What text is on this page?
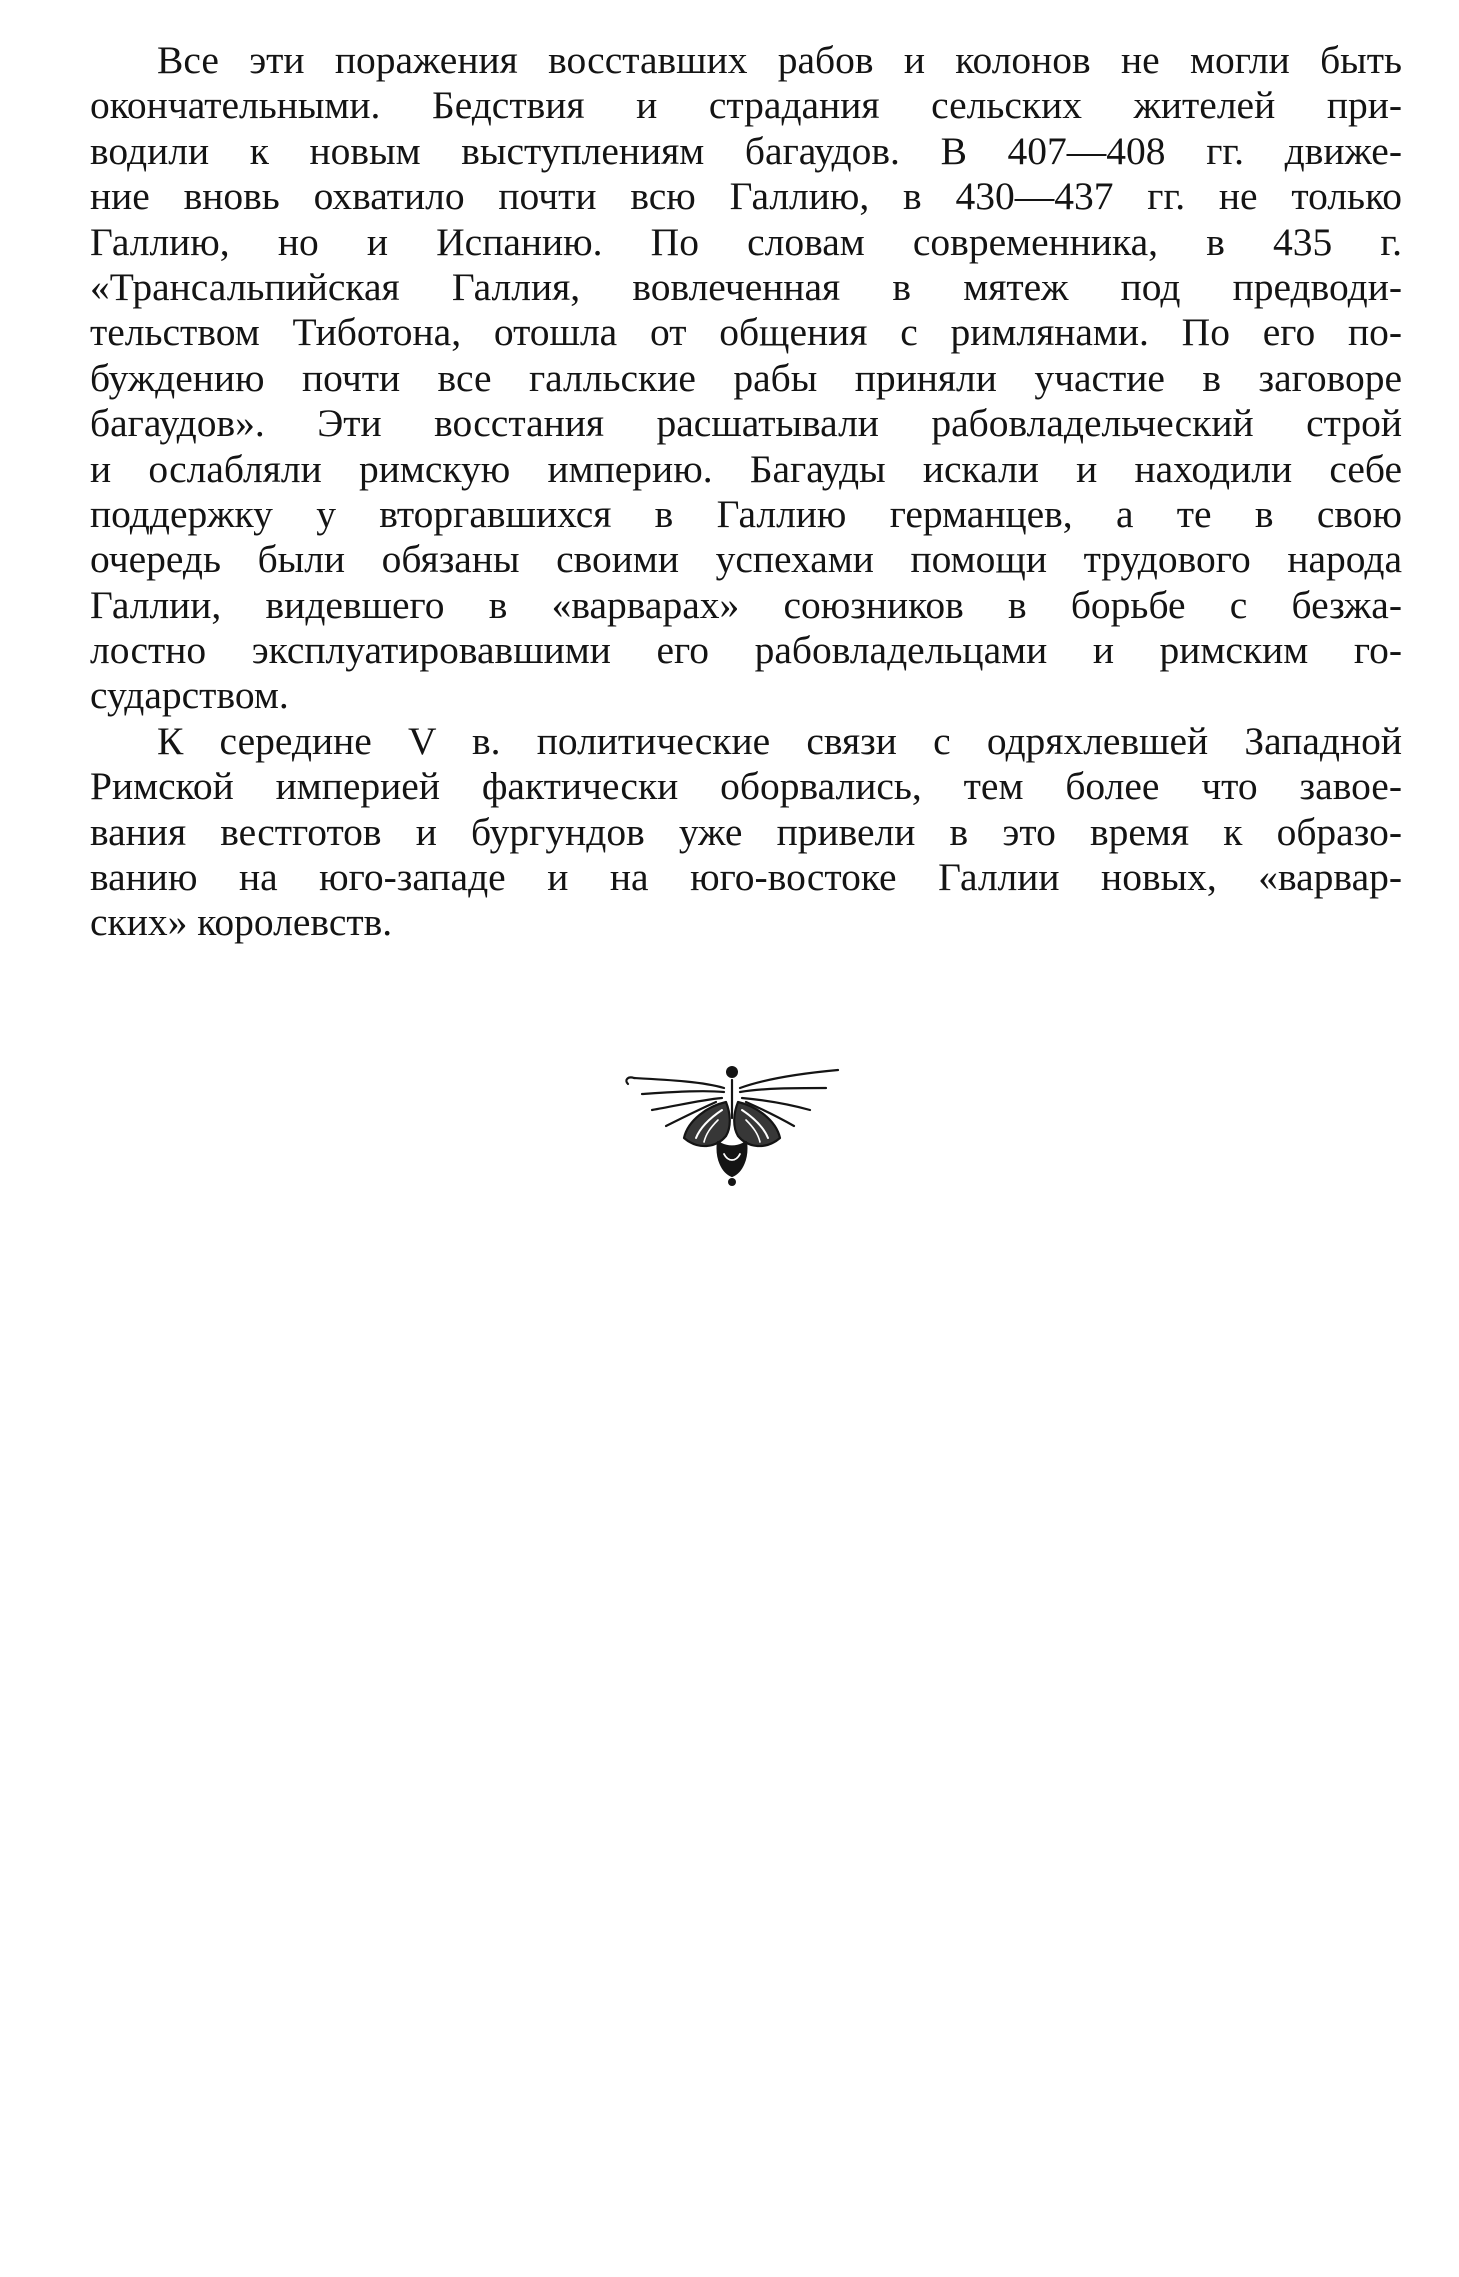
Все эти поражения восставших рабов и колонов не могли быть
окончательными. Бедствия и страдания сельских жителей при-
водили к новым выступлениям багаудов. В 407—408 гг. движе-
ние вновь охватило почти всю Галлию, в 430—437 гг. не только
Галлию, но и Испанию. По словам современника, в 435 г.
«Трансальпийская Галлия, вовлеченная в мятеж под предводи-
тельством Тиботона, отошла от общения с римлянами. По его по-
буждению почти все галльские рабы приняли участие в заговоре
багаудов». Эти восстания расшатывали рабовладельческий строй
и ослабляли римскую империю. Багауды искали и находили себе
поддержку у вторгавшихся в Галлию германцев, а те в свою
очередь были обязаны своими успехами помощи трудового народа
Галлии, видевшего в «варварах» союзников в борьбе с безжа-
лостно эксплуатировавшими его рабовладельцами и римским го-
сударством.
К середине V в. политические связи с одряхлевшей Западной
Римской империей фактически оборвались, тем более что завое-
вания вестготов и бургундов уже привели в это время к образо-
ванию на юго-западе и на юго-востоке Галлии новых, «варвар-
ских» королевств.
